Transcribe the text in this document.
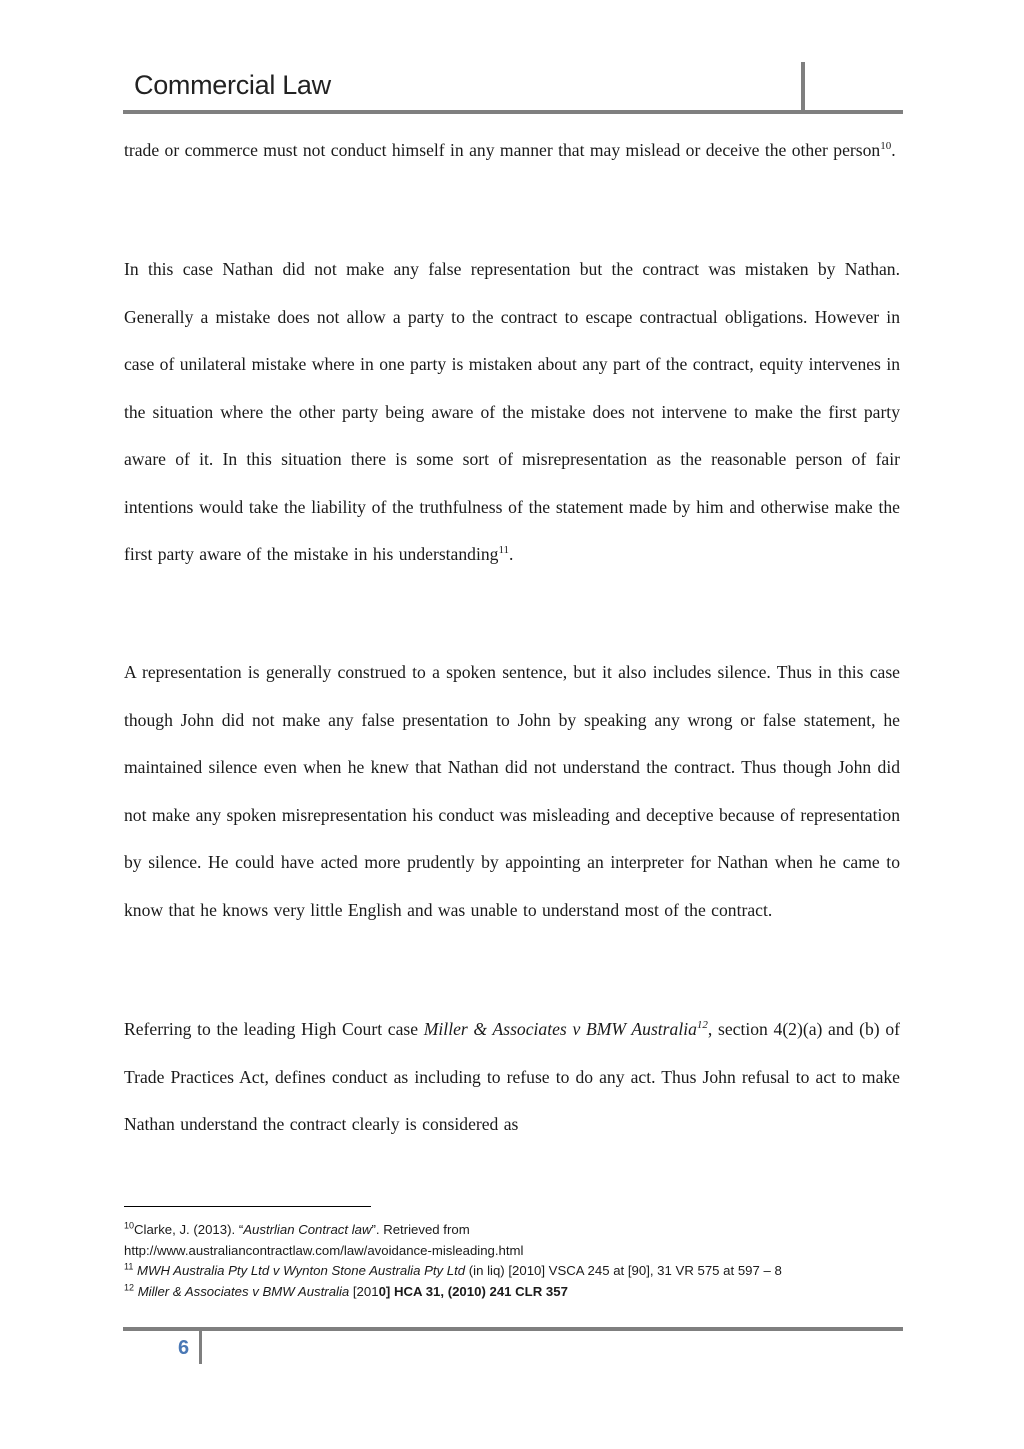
Commercial Law

trade or commerce must not conduct himself in any manner that may mislead or deceive the other person$^{10}$.

In this case Nathan did not make any false representation but the contract was mistaken by Nathan. Generally a mistake does not allow a party to the contract to escape contractual obligations. However in case of unilateral mistake where in one party is mistaken about any part of the contract, equity intervenes in the situation where the other party being aware of the mistake does not intervene to make the first party aware of it. In this situation there is some sort of misrepresentation as the reasonable person of fair intentions would take the liability of the truthfulness of the statement made by him and otherwise make the first party aware of the mistake in his understanding$^{11}$.

A representation is generally construed to a spoken sentence, but it also includes silence. Thus in this case though John did not make any false presentation to John by speaking any wrong or false statement, he maintained silence even when he knew that Nathan did not understand the contract. Thus though John did not make any spoken misrepresentation his conduct was misleading and deceptive because of representation by silence. He could have acted more prudently by appointing an interpreter for Nathan when he came to know that he knows very little English and was unable to understand most of the contract.

Referring to the leading High Court case Miller & Associates v BMW Australia$^{12}$, section 4(2)(a) and (b) of Trade Practices Act, defines conduct as including to refuse to do any act. Thus John refusal to act to make Nathan understand the contract clearly is considered as

$^{10}$Clarke, J. (2013). “Austrlian Contract law”. Retrieved from
http://www.australiancontractlaw.com/law/avoidance-misleading.html

$^{11}$ MWH Australia Pty Ltd v Wynton Stone Australia Pty Ltd (in liq) [2010] VSCA 245 at [90], 31 VR 575 at 597 – 8

$^{12}$ Miller & Associates v BMW Australia [2010] HCA 31, (2010) 241 CLR 357

6
